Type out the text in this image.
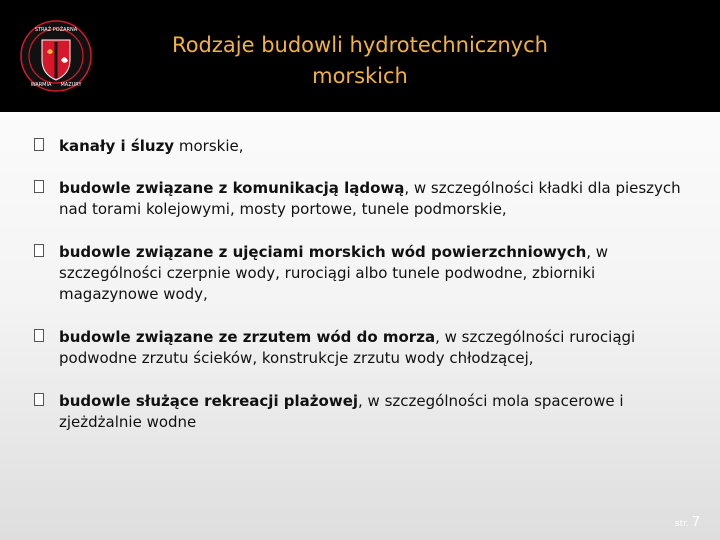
STRAŻ POŻARNA
WARMIA MAZURY
Rodzaje budowli hydrotechnicznych
morskich
kanały i śluzy morskie,
budowle związane z komunikacją lądową, w szczególności kładki dla pieszych nad torami kolejowymi, mosty portowe, tunele podmorskie,
budowle związane z ujęciami morskich wód powierzchniowych, w szczególności czerpnie wody, rurociągi albo tunele podwodne, zbiorniki magazynowe wody,
budowle związane ze zrzutem wód do morza, w szczególności rurociągi podwodne zrzutu ścieków, konstrukcje zrzutu wody chłodzącej,
budowle służące rekreacji plażowej, w szczególności mola spacerowe i zjeżdżalnie wodne
str. 7
